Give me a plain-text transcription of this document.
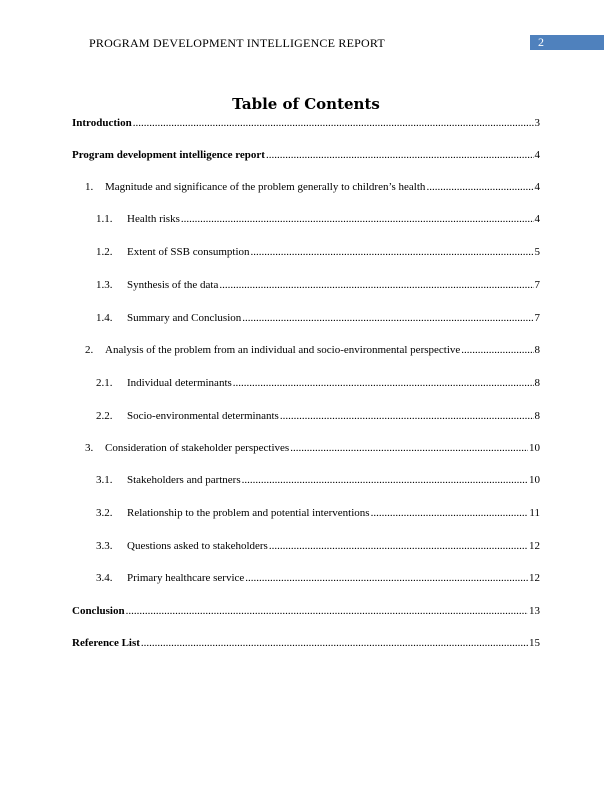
PROGRAM DEVELOPMENT INTELLIGENCE REPORT	2
Table of Contents
Introduction .....	3
Program development intelligence report .....	4
1.	Magnitude and significance of the problem generally to children’s health .....	4
1.1.	Health risks .....	4
1.2.	Extent of SSB consumption .....	5
1.3.	Synthesis of the data .....	7
1.4.	Summary and Conclusion .....	7
2.	Analysis of the problem from an individual and socio-environmental perspective .....	8
2.1.	Individual determinants .....	8
2.2.	Socio-environmental determinants .....	8
3.	Consideration of stakeholder perspectives .....	10
3.1.	Stakeholders and partners .....	10
3.2.	Relationship to the problem and potential interventions .....	11
3.3.	Questions asked to stakeholders .....	12
3.4.	Primary healthcare service .....	12
Conclusion .....	13
Reference List .....	15
